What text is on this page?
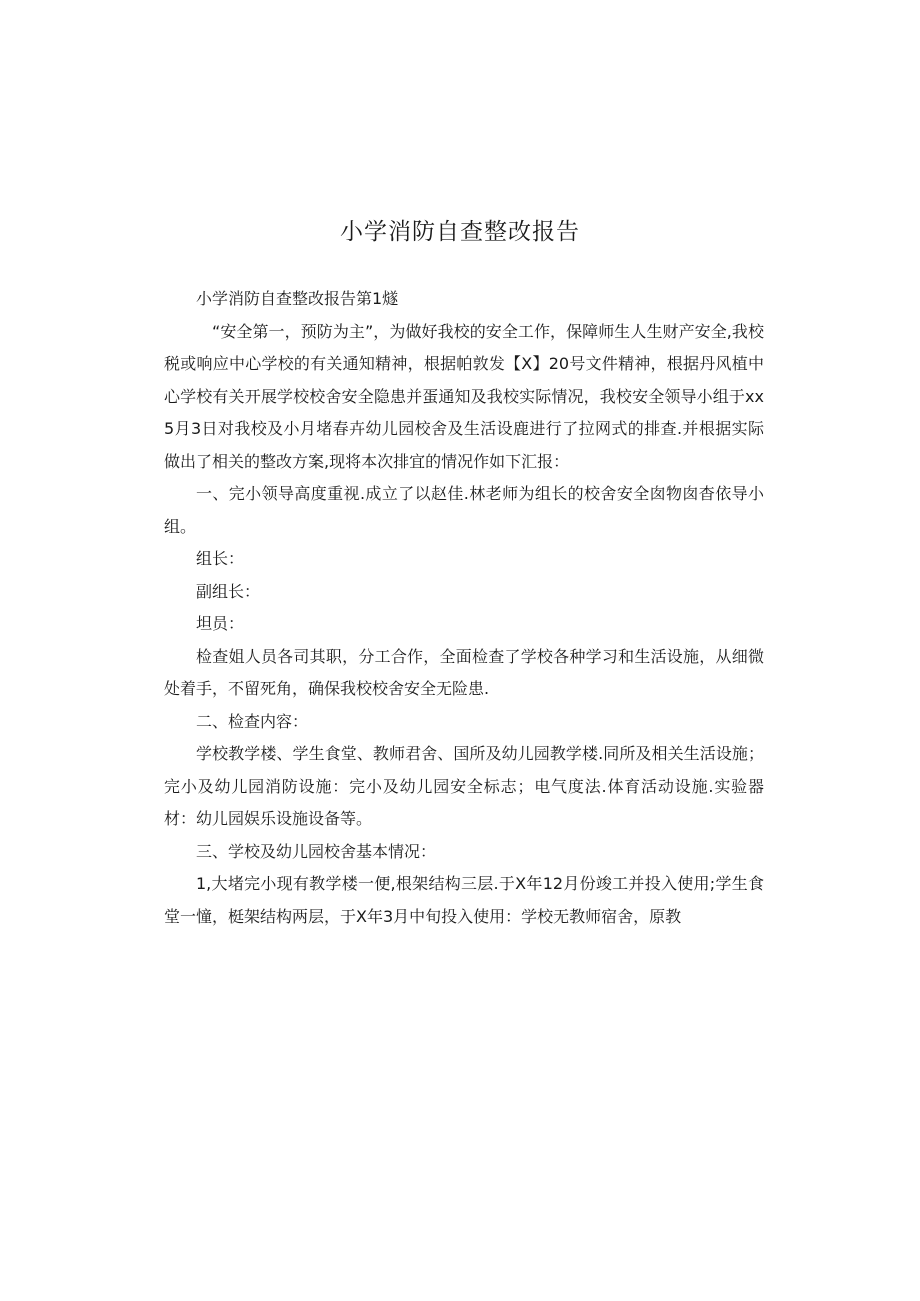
小学消防自查整改报告

小学消防自查整改报告第1燧

“安全第一，预防为主”，为做好我校的安全工作，保障师生人生财产安全,我校税或响应中心学校的有关通知精神，根据帕敦发【X】20号文件精神，根据丹风植中心学校有关开展学校校舍安全隐患并蛋通知及我校实际情况，我校安全领导小组于xx5月3日对我校及小月堵春卉幼儿园校舍及生活设鹿进行了拉网式的排查.并根据实际做出了相关的整改方案,现将本次排宜的情况作如下汇报：

一、完小领导高度重视.成立了以赵佳.林老师为组长的校舍安全囱物囱杳依导小组。

组长：

副组长：

坦员：

检查姐人员各司其职，分工合作，全面检查了学校各种学习和生活设施，从细微处着手，不留死角，确保我校校舍安全无险患.

二、检查内容：

学校教学楼、学生食堂、教师君舍、国所及幼儿园教学楼.同所及相关生活设施；完小及幼儿园消防设施：完小及幼儿园安全标志；电气度法.体育活动设施.实验器材：幼儿园娱乐设施设备等。

三、学校及幼儿园校舍基本情况：

1,大堵完小现有教学楼一便,根架结构三层.于X年12月份竣工并投入使用;学生食堂一憧，梃架结构两层，于X年3月中旬投入使用：学校无教师宿舍，原教
